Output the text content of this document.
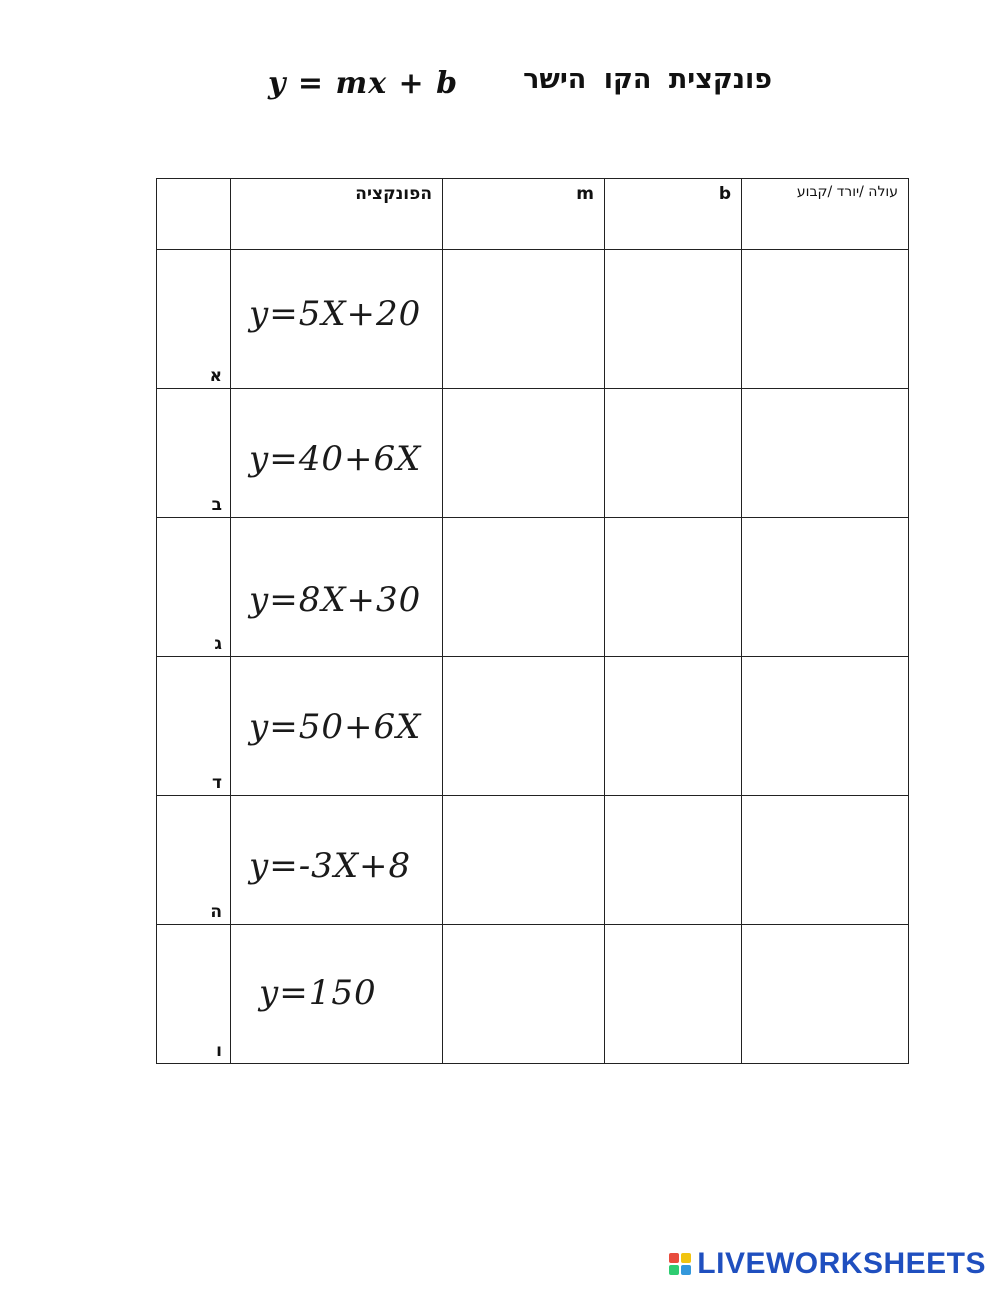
y = mx + b	פונקצית הקו הישר

	הפונקציה	m	b	עולה /יורד /קבוע

א	y=5X+20			

ב	y=40+6X			

ג	y=8X+30			

ד	y=50+6X			

ה	y=-3X+8			

ו	y=150			

LIVEWORKSHEETS
